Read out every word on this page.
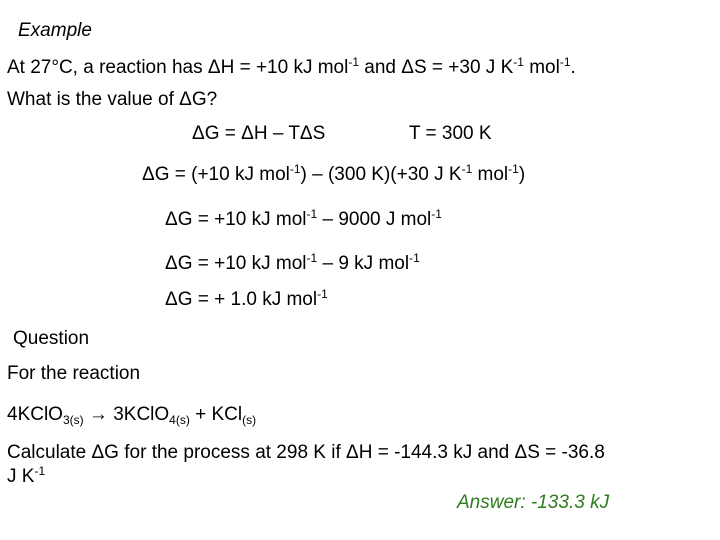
Example
At 27°C, a reaction has ΔH = +10 kJ mol$^{-1}$ and ΔS = +30 J $K^{-1}$ mol$^{-1}$.
What is the value of ΔG?
ΔG = ΔH – TΔS	T = 300 K
ΔG = (+10 kJ mol$^{-1}$) – (300 K)(+30 J $K^{-1}$ mol$^{-1}$)
ΔG = +10 kJ mol$^{-1}$ – 9000 J mol$^{-1}$
ΔG = +10 kJ mol$^{-1}$ – 9 kJ mol$^{-1}$
ΔG = + 1.0 kJ mol$^{-1}$
Question
For the reaction
4KClO$_{3(s)}$ → 3KClO$_{4(s)}$ + KCl$_{(s)}$
Calculate ΔG for the process at 298 K if ΔH = -144.3 kJ and ΔS = -36.8
J $K^{-1}$
Answer: -133.3 kJ
